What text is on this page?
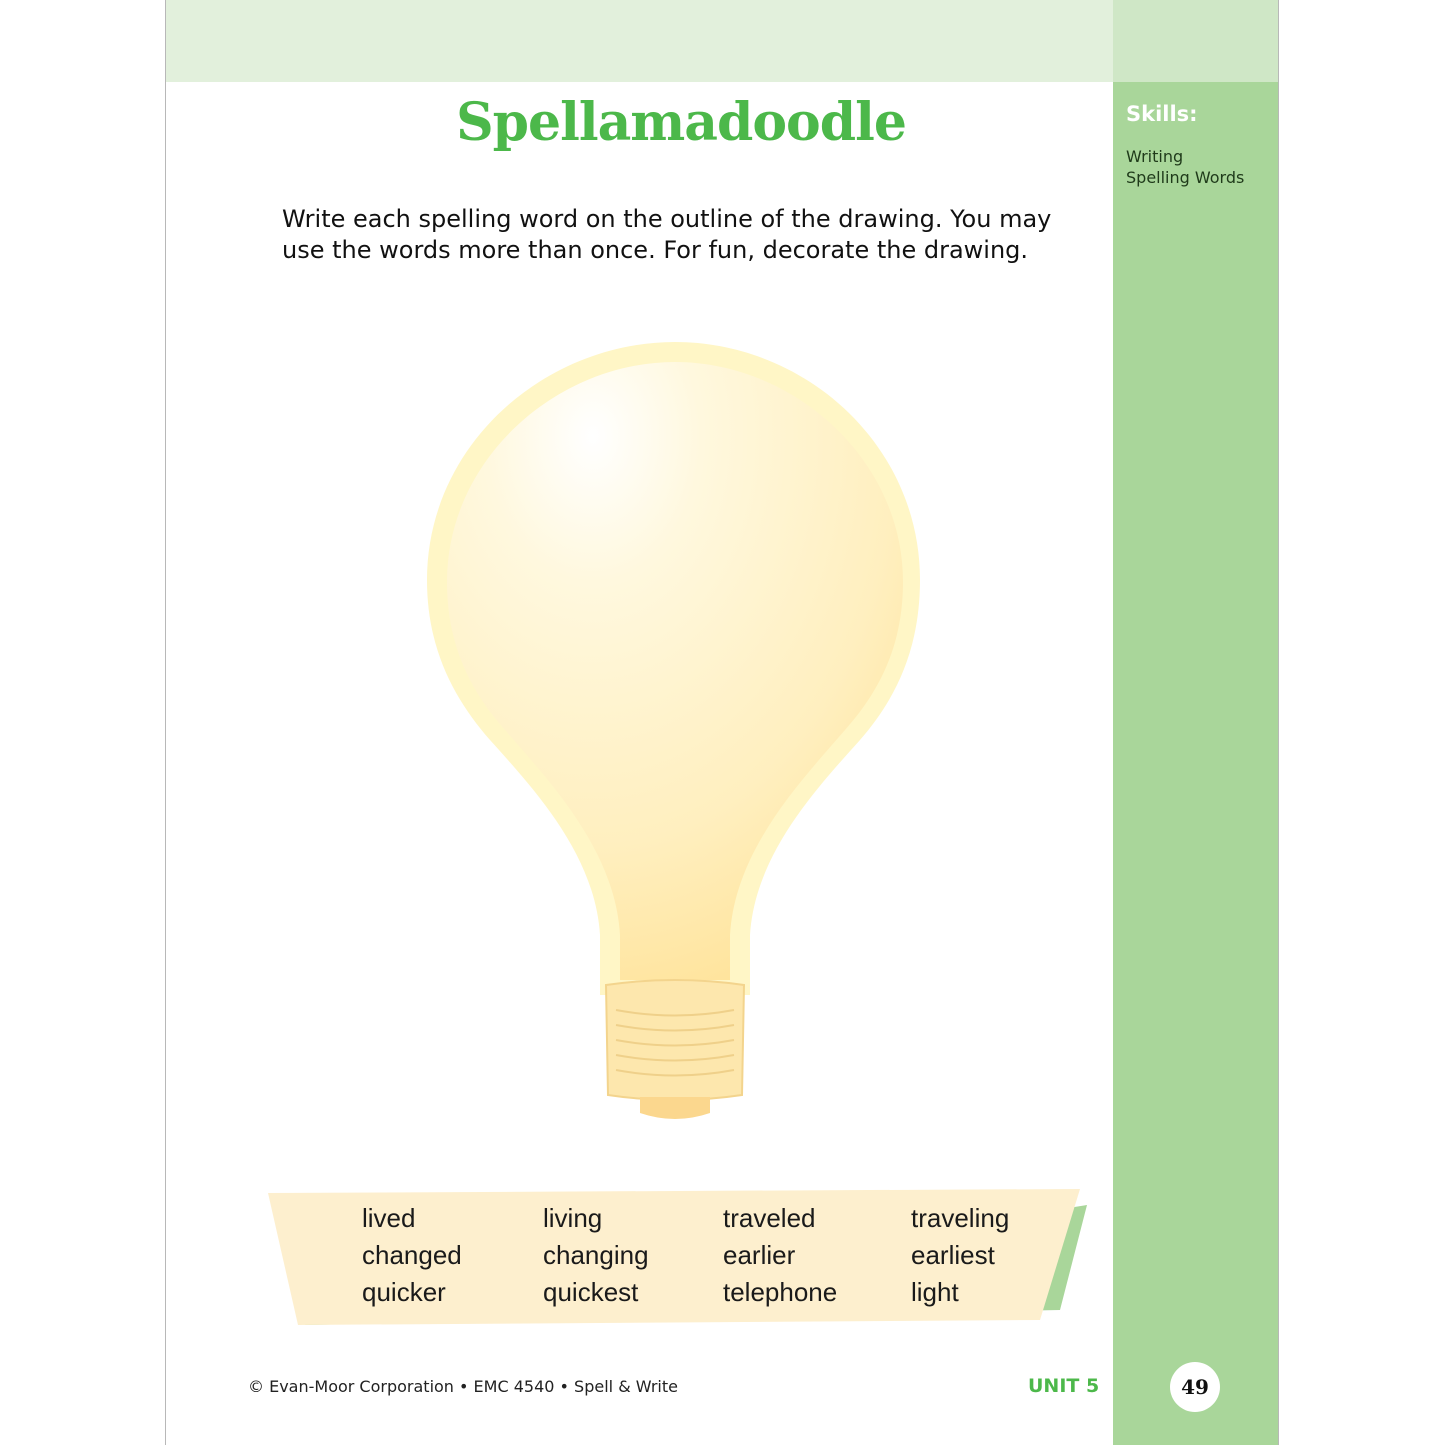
Skills:
Writing
Spelling Words
Spellamadoodle

Write each spelling word on the outline of the drawing. You may use the words more than once. For fun, decorate the drawing.

lived
changed
quicker
living
changing
quickest
traveled
earlier
telephone
traveling
earliest
light
© Evan-Moor Corporation • EMC 4540 • Spell & Write	UNIT 5	49
